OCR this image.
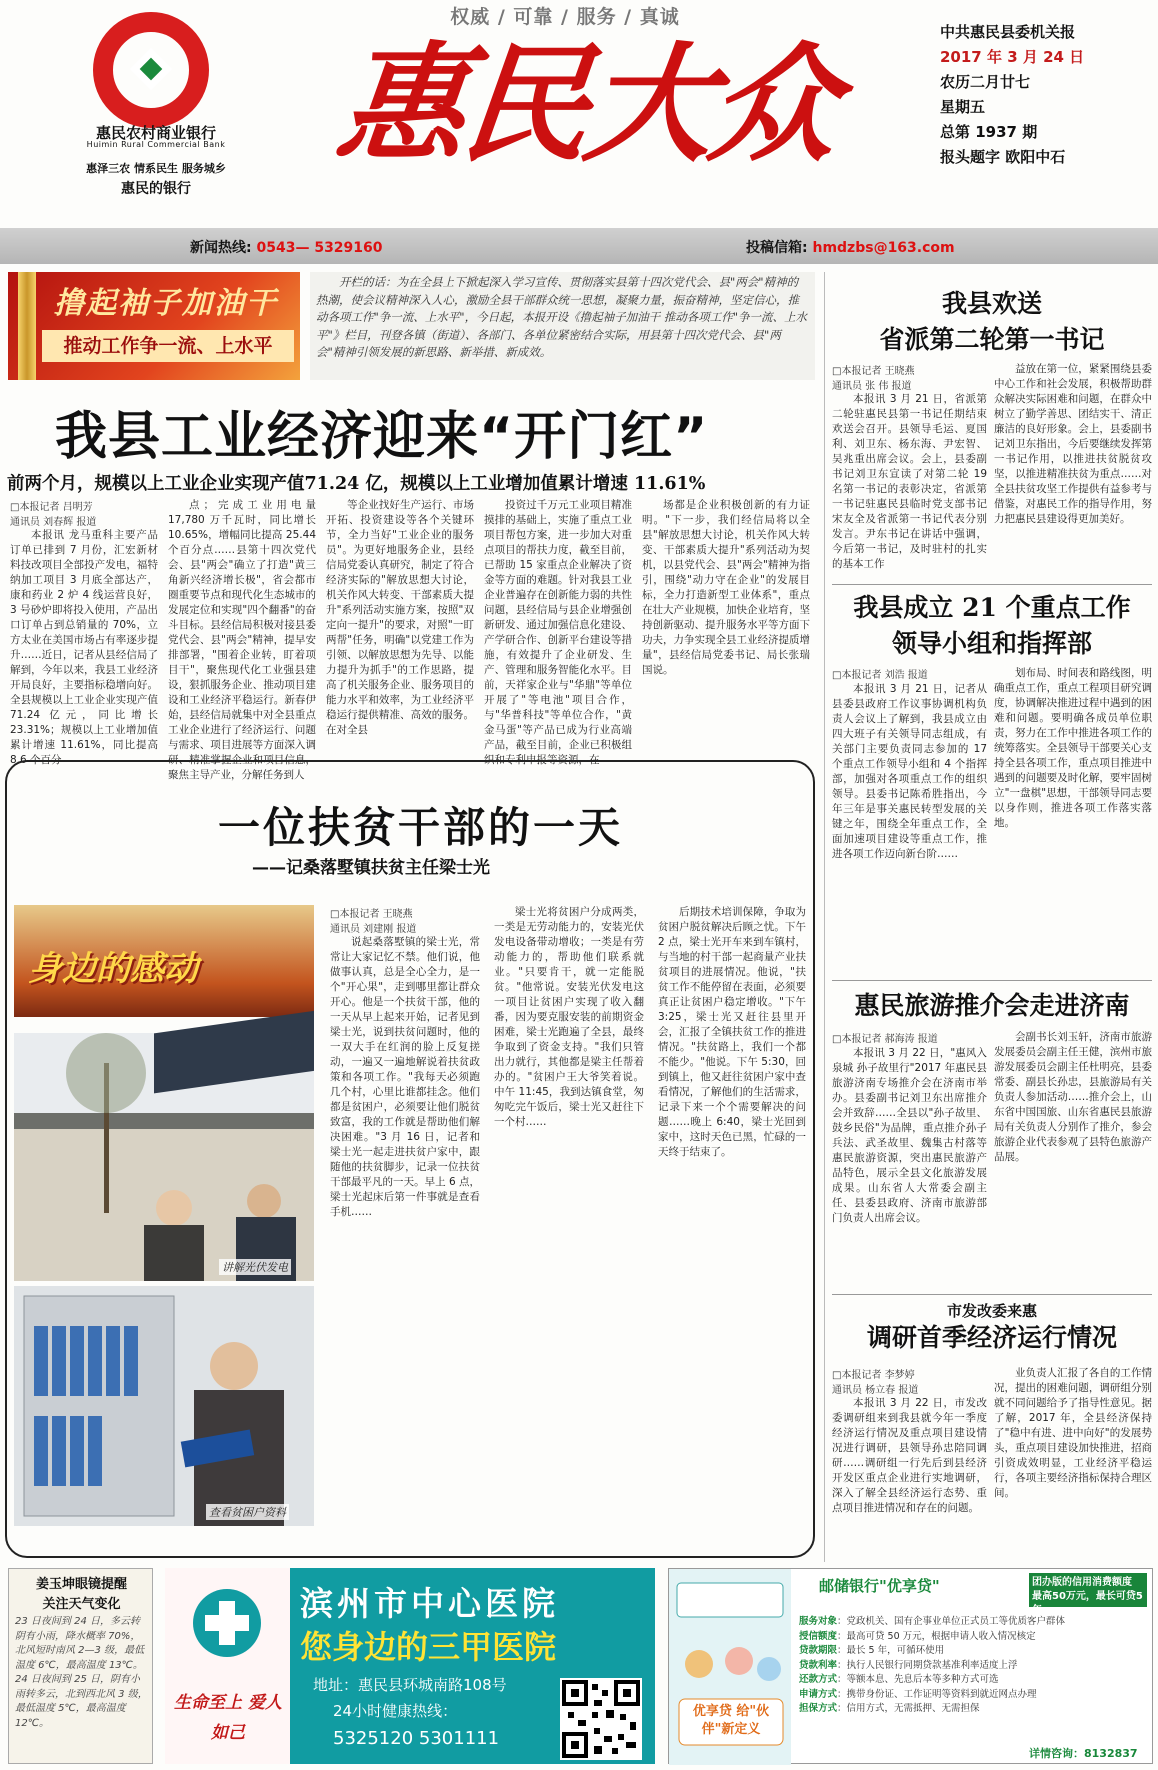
惠民农村商业银行
Huimin Rural Commercial Bank
惠泽三农 情系民生 服务城乡
惠民的银行
权威 / 可靠 / 服务 / 真诚
惠民大众	中共惠民县委机关报
2017 年 3 月 24 日
农历二月廿七
星期五
总第 1937 期
报头题字 欧阳中石
新闻热线: 0543— 5329160	投稿信箱: hmdzbs@163.com
撸起袖子加油干
推动工作争一流、上水平
开栏的话：为在全县上下掀起深入学习宣传、贯彻落实县第十四次党代会、县"两会"精神的热潮，使会议精神深入人心，激励全县干部群众统一思想，凝聚力量，振奋精神，坚定信心，推动各项工作"争一流、上水平"，今日起，本报开设《撸起袖子加油干 推动各项工作"争一流、上水平"》栏目，刊登各镇（街道）、各部门、各单位紧密结合实际，用县第十四次党代会、县"两会"精神引领发展的新思路、新举措、新成效。
我县工业经济迎来“开门红”
前两个月，规模以上工业企业实现产值71.24 亿，规模以上工业增加值累计增速 11.61%
□本报记者 吕明芳
通讯员 刘春辉 报道

本报讯 龙马重科主要产品订单已排到 7 月份，汇宏新材料技改项目全部投产发电，福特纳加工项目 3 月底全部达产，康和药业 2 炉 4 线运营良好，3 号砂炉即将投入使用，产品出口订单占到总销量的 70%，立方太业在美国市场占有率逐步提升……近日，记者从县经信局了解到，今年以来，我县工业经济开局良好，主要指标稳增向好。全县规模以上工业企业实现产值 71.24 亿元，同比增长 23.31%；规模以上工业增加值累计增速 11.61%，同比提高 8.6 个百分

点；完成工业用电量 17,780 万千瓦时，同比增长 10.65%，增幅同比提高 25.44 个百分点……县第十四次党代会、县"两会"确立了打造"黄三角新兴经济增长极"，省会都市圈重要节点和现代化生态城市的发展定位和实现"四个翻番"的奋斗目标。县经信局积极对接县委党代会、县"两会"精神，提早安排部署，"围着企业转，盯着项目干"，聚焦现代化工业强县建设，狠抓服务企业、推动项目建设和工业经济平稳运行。新春伊始，县经信局就集中对全县重点工业企业进行了经济运行、问题与需求、项目进展等方面深入调研、精准掌握企业和项目信息，聚焦主导产业，分解任务到人

等企业找好生产运行、市场开拓、投资建设等各个关键环节，全力当好"工业企业的服务员"。为更好地服务企业，县经信局党委认真研究，制定了符合经济实际的"解放思想大讨论，机关作风大转变、干部素质大提升"系列活动实施方案，按照"双定向一提升"的要求，对照"一盯两帮"任务，明确"以党建工作为引领、以解放思想为先导、以能力提升为抓手"的工作思路，提高了机关服务企业、服务项目的能力水平和效率，为工业经济平稳运行提供精准、高效的服务。在对全县

投资过千万元工业项目精准摸排的基础上，实施了重点工业项目帮包方案，进一步加大对重点项目的帮扶力度，截至目前，已帮助 15 家重点企业解决了资金等方面的难题。针对我县工业企业普遍存在创新能力弱的共性问题，县经信局与县企业增强创新研发、通过加强信息化建设、产学研合作、创新平台建设等措施，有效提升了企业研发、生产、管理和服务智能化水平。目前，天祥家企业与"华鼎"等单位开展了"等电池"项目合作，与"华普科技"等单位合作，"黄金马蛋"等产品已成为行业高端产品，截至目前，企业已积极组织和专利申报等资源，在

场都是企业积极创新的有力证明。"下一步，我们经信局将以全县"解放思想大讨论，机关作风大转变、干部素质大提升"系列活动为契机，以县党代会、县"两会"精神为指引，围绕"动力守在企业"的发展目标，全力打造新型工业体系"，重点在壮大产业规模，加快企业培育，坚持创新驱动、提升服务水平等方面下功夫，力争实现全县工业经济提质增量"，县经信局党委书记、局长张瑞国说。

我县欢送
省派第二轮第一书记
□本报记者 王晓燕
通讯员 张 伟 报道

本报讯 3 月 21 日，省派第二轮驻惠民县第一书记任期结束欢送会召开。县领导毛运、夏国利、刘卫东、杨东海、尹宏智、吴兆重出席会议。会上，县委副书记刘卫东宣读了对第二轮 19 名第一书记的表彰决定，省派第一书记驻惠民县临时党支部书记宋友全及省派第一书记代表分别发言。尹东书记在讲话中强调，今后第一书记，及时驻村的扎实的基本工作

益放在第一位，紧紧围绕县委中心工作和社会发展，积极帮助群众解决实际困难和问题，在群众中树立了勤学善思、团结实干、清正廉洁的良好形象。会上，县委副书记刘卫东指出，今后要继续发挥第一书记作用，以推进扶贫脱贫攻坚，以推进精准扶贫为重点……对全县扶贫攻坚工作提供有益参考与借鉴，对惠民工作的指导作用，努力把惠民县建设得更加美好。

我县成立 21 个重点工作
领导小组和指挥部
□本报记者 刘浩 报道

本报讯 3 月 21 日，记者从县委县政府工作议事协调机构负责人会议上了解到，我县成立由四大班子有关领导同志组成，有关部门主要负责同志参加的 17 个重点工作领导小组和 4 个指挥部，加强对各项重点工作的组织领导。县委书记陈希胜指出，今年三年是事关惠民转型发展的关键之年，围绕全年重点工作，全面加速项目建设等重点工作，推进各项工作迈向新台阶……

划布局、时间表和路线图，明确重点工作，重点工程项目研究调度，协调解决推进过程中遇到的困难和问题。要明确各成员单位职责，努力在工作中推进各项工作的统筹落实。全县领导干部要关心支持全县各项工作，重点项目推进中遇到的问题要及时化解，要牢固树立"一盘棋"思想，干部领导同志要以身作则，推进各项工作落实落地。

惠民旅游推介会走进济南
□本报记者 郝海涛 报道

本报讯 3 月 22 日，"惠风入泉城 孙子故里行"2017 年惠民县旅游济南专场推介会在济南市举办。县委副书记刘卫东出席推介会并致辞……全县以"孙子故里、鼓乡民俗"为品牌，重点推介孙子兵法、武圣故里、魏集古村落等惠民旅游资源，突出惠民旅游产品特色，展示全县文化旅游发展成果。山东省人大常委会副主任、县委县政府、济南市旅游部门负责人出席会议。

会副书长刘玉轩，济南市旅游发展委员会副主任王健，滨州市旅游发展委员会副主任杜明亮，县委常委、副县长孙忠，县旅游局有关负责人参加活动……推介会上，山东省中国国旅、山东省惠民县旅游局有关负责人分别作了推介，参会旅游企业代表参观了县特色旅游产品展。

市发改委来惠
调研首季经济运行情况
□本报记者 李梦婷
通讯员 杨立春 报道

本报讯 3 月 22 日，市发改委调研组来到我县就今年一季度经济运行情况及重点项目建设情况进行调研，县领导孙忠陪同调研……调研组一行先后到县经济开发区重点企业进行实地调研，深入了解全县经济运行态势、重点项目推进情况和存在的问题。

业负责人汇报了各自的工作情况，提出的困难问题，调研组分别就不同问题给予了指导性意见。据了解，2017 年，全县经济保持了"稳中有进、进中向好"的发展势头，重点项目建设加快推进，招商引资成效明显，工业经济平稳运行，各项主要经济指标保持合理区间。

一位扶贫干部的一天
——记桑落墅镇扶贫主任梁士光
身边的感动
讲解光伏发电
查看贫困户资料
□本报记者 王晓燕
通讯员 刘建刚 报道

说起桑落墅镇的梁士光，常常让大家记忆不禁。他们说，他做事认真，总是全心全力，是一个"开心果"，走到哪里都让群众开心。他是一个扶贫干部，他的一天从早上起来开始，记者见到梁士光，说到扶贫问题时，他的一双大手在红润的脸上反复搓动，一遍又一遍地解说着扶贫政策和各项工作。"我每天必须跑几个村，心里比谁都挂念。他们都是贫困户，必须要让他们脱贫致富，我的工作就是帮助他们解决困难。"3 月 16 日，记者和梁士光一起走进扶贫户家中，跟随他的扶贫脚步，记录一位扶贫干部最平凡的一天。早上 6 点，梁士光起床后第一件事就是查看手机……

梁士光将贫困户分成两类，一类是无劳动能力的，安装光伏发电设备带动增收；一类是有劳动能力的，帮助他们联系就业。"只要肯干，就一定能脱贫。"他常说。安装光伏发电这一项目让贫困户实现了收入翻番，因为要克服安装的前期资金困难，梁士光跑遍了全县，最终争取到了资金支持。"我们只管出力就行，其他都是梁主任帮着办的。"贫困户王大爷笑着说。中午 11:45，我到达镇食堂，匆匆吃完午饭后，梁士光又赶往下一个村……

后期技术培训保障，争取为贫困户脱贫解决后顾之忧。下午 2 点，梁士光开车来到车镇村，与当地的村干部一起商量产业扶贫项目的进展情况。他说，"扶贫工作不能停留在表面，必须要真正让贫困户稳定增收。"下午 3:25，梁士光又赶往县里开会，汇报了全镇扶贫工作的推进情况。"扶贫路上，我们一个都不能少。"他说。下午 5:30，回到镇上，他又赶往贫困户家中查看情况，了解他们的生活需求，记录下来一个个需要解决的问题……晚上 6:40，梁士光回到家中，这时天色已黑，忙碌的一天终于结束了。

姜玉坤眼镜提醒
关注天气变化
23 日夜间到 24 日，多云转阴有小雨，降水概率 70%，北风短时南风 2—3 级，最低温度 6℃，最高温度 13℃。24 日夜间到 25 日，阴有小雨转多云，北到西北风 3 级，最低温度 5℃，最高温度 12℃。
生命至上 爱人如己
滨州市中心医院
您身边的三甲医院
地址：惠民县环城南路108号
24小时健康热线：
5325120 5301111
优享贷 给"伙伴"新定义
邮储银行"优享贷"	团办版的信用消费额度 最高50万元，最长可贷5年
服务对象：党政机关、国有企事业单位正式员工等优质客户群体
授信额度：最高可贷 50 万元，根据申请人收入情况核定
贷款期限：最长 5 年，可循环使用
贷款利率：执行人民银行同期贷款基准利率适度上浮
还款方式：等额本息、先息后本等多种方式可选
申请方式：携带身份证、工作证明等资料到就近网点办理
担保方式：信用方式，无需抵押、无需担保
详情咨询：8132837
